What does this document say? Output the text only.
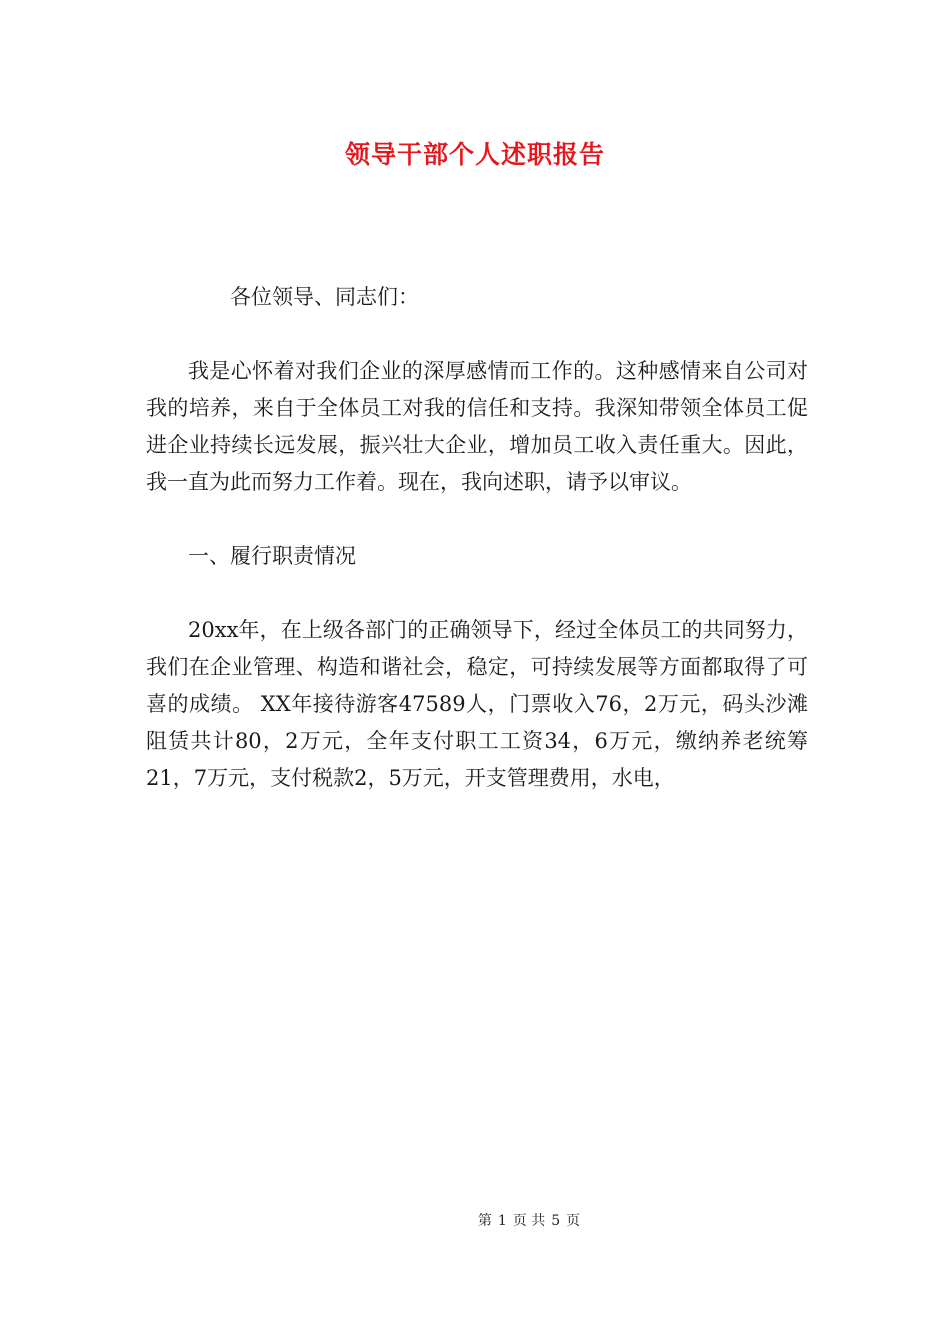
领导干部个人述职报告

各位领导、同志们：

我是心怀着对我们企业的深厚感情而工作的。这种感情来自公司对我的培养，来自于全体员工对我的信任和支持。我深知带领全体员工促进企业持续长远发展，振兴壮大企业，增加员工收入责任重大。因此，我一直为此而努力工作着。现在，我向述职，请予以审议。

一、履行职责情况

20xx年，在上级各部门的正确领导下，经过全体员工的共同努力，我们在企业管理、构造和谐社会，稳定，可持续发展等方面都取得了可喜的成绩。 XX年接待游客47589人，门票收入76，2万元，码头沙滩阻赁共计80，2万元，全年支付职工工资34，6万元，缴纳养老统筹21，7万元，支付税款2，5万元，开支管理费用，水电，

第 1 页 共 5 页
